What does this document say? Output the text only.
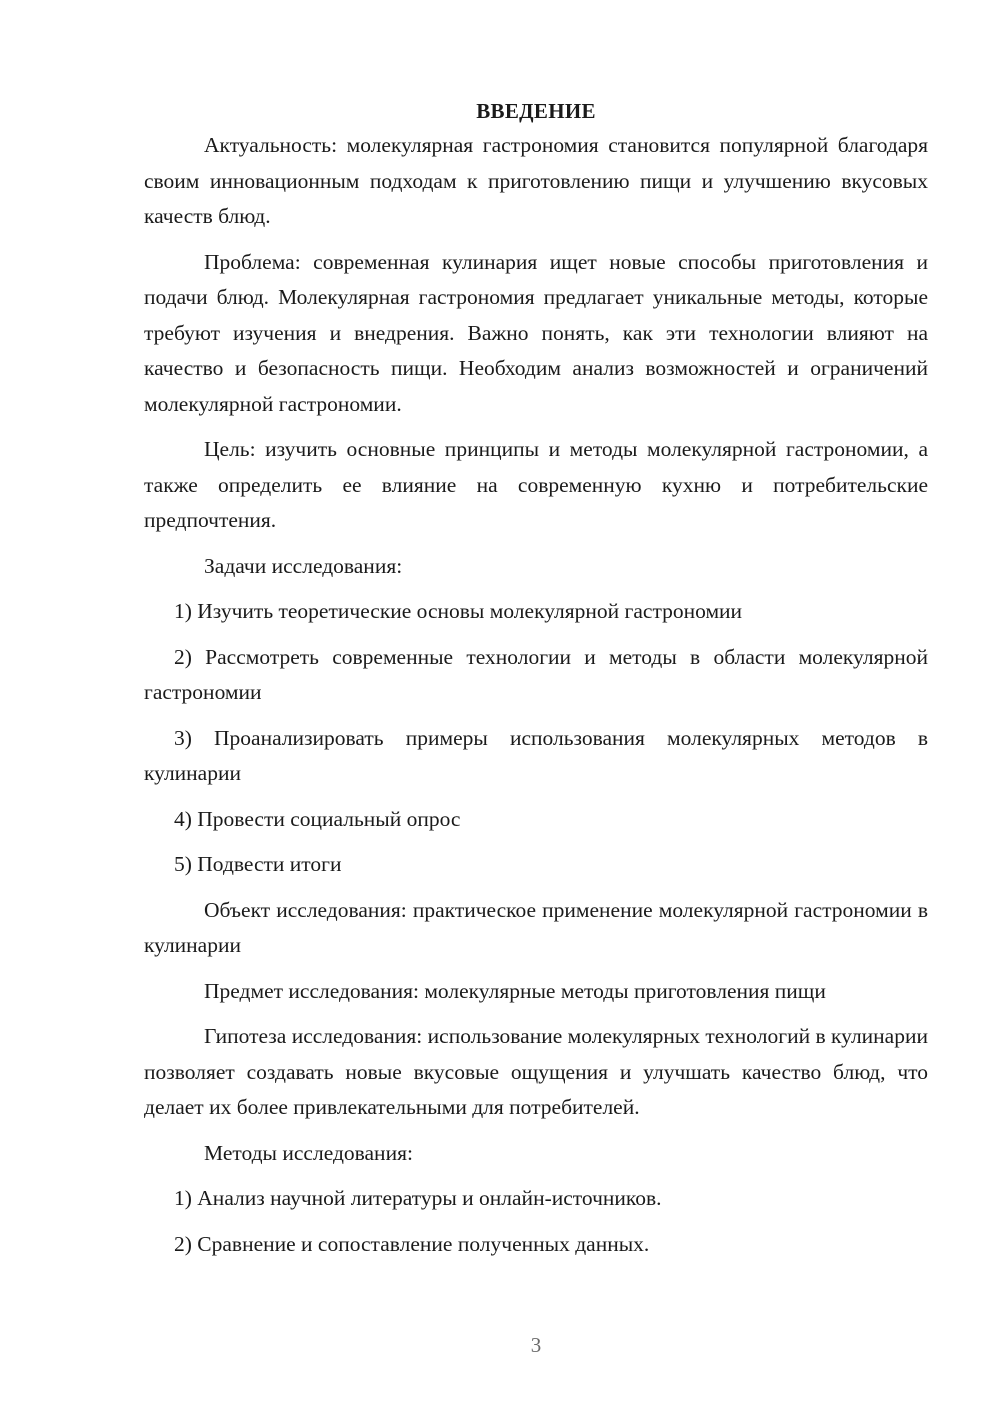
ВВЕДЕНИЕ

Актуальность: молекулярная гастрономия становится популярной благодаря своим инновационным подходам к приготовлению пищи и улучшению вкусовых качеств блюд.

Проблема: современная кулинария ищет новые способы приготовления и подачи блюд. Молекулярная гастрономия предлагает уникальные методы, которые требуют изучения и внедрения. Важно понять, как эти технологии влияют на качество и безопасность пищи. Необходим анализ возможностей и ограничений молекулярной гастрономии.

Цель: изучить основные принципы и методы молекулярной гастрономии, а также определить ее влияние на современную кухню и потребительские предпочтения.

Задачи исследования:

1) Изучить теоретические основы молекулярной гастрономии

2) Рассмотреть современные технологии и методы в области молекулярной гастрономии

3) Проанализировать примеры использования молекулярных методов в кулинарии

4) Провести социальный опрос

5) Подвести итоги

Объект исследования: практическое применение молекулярной гастрономии в кулинарии

Предмет исследования: молекулярные методы приготовления пищи

Гипотеза исследования: использование молекулярных технологий в кулинарии позволяет создавать новые вкусовые ощущения и улучшать качество блюд, что делает их более привлекательными для потребителей.

Методы исследования:

1) Анализ научной литературы и онлайн-источников.

2) Сравнение и сопоставление полученных данных.

3
